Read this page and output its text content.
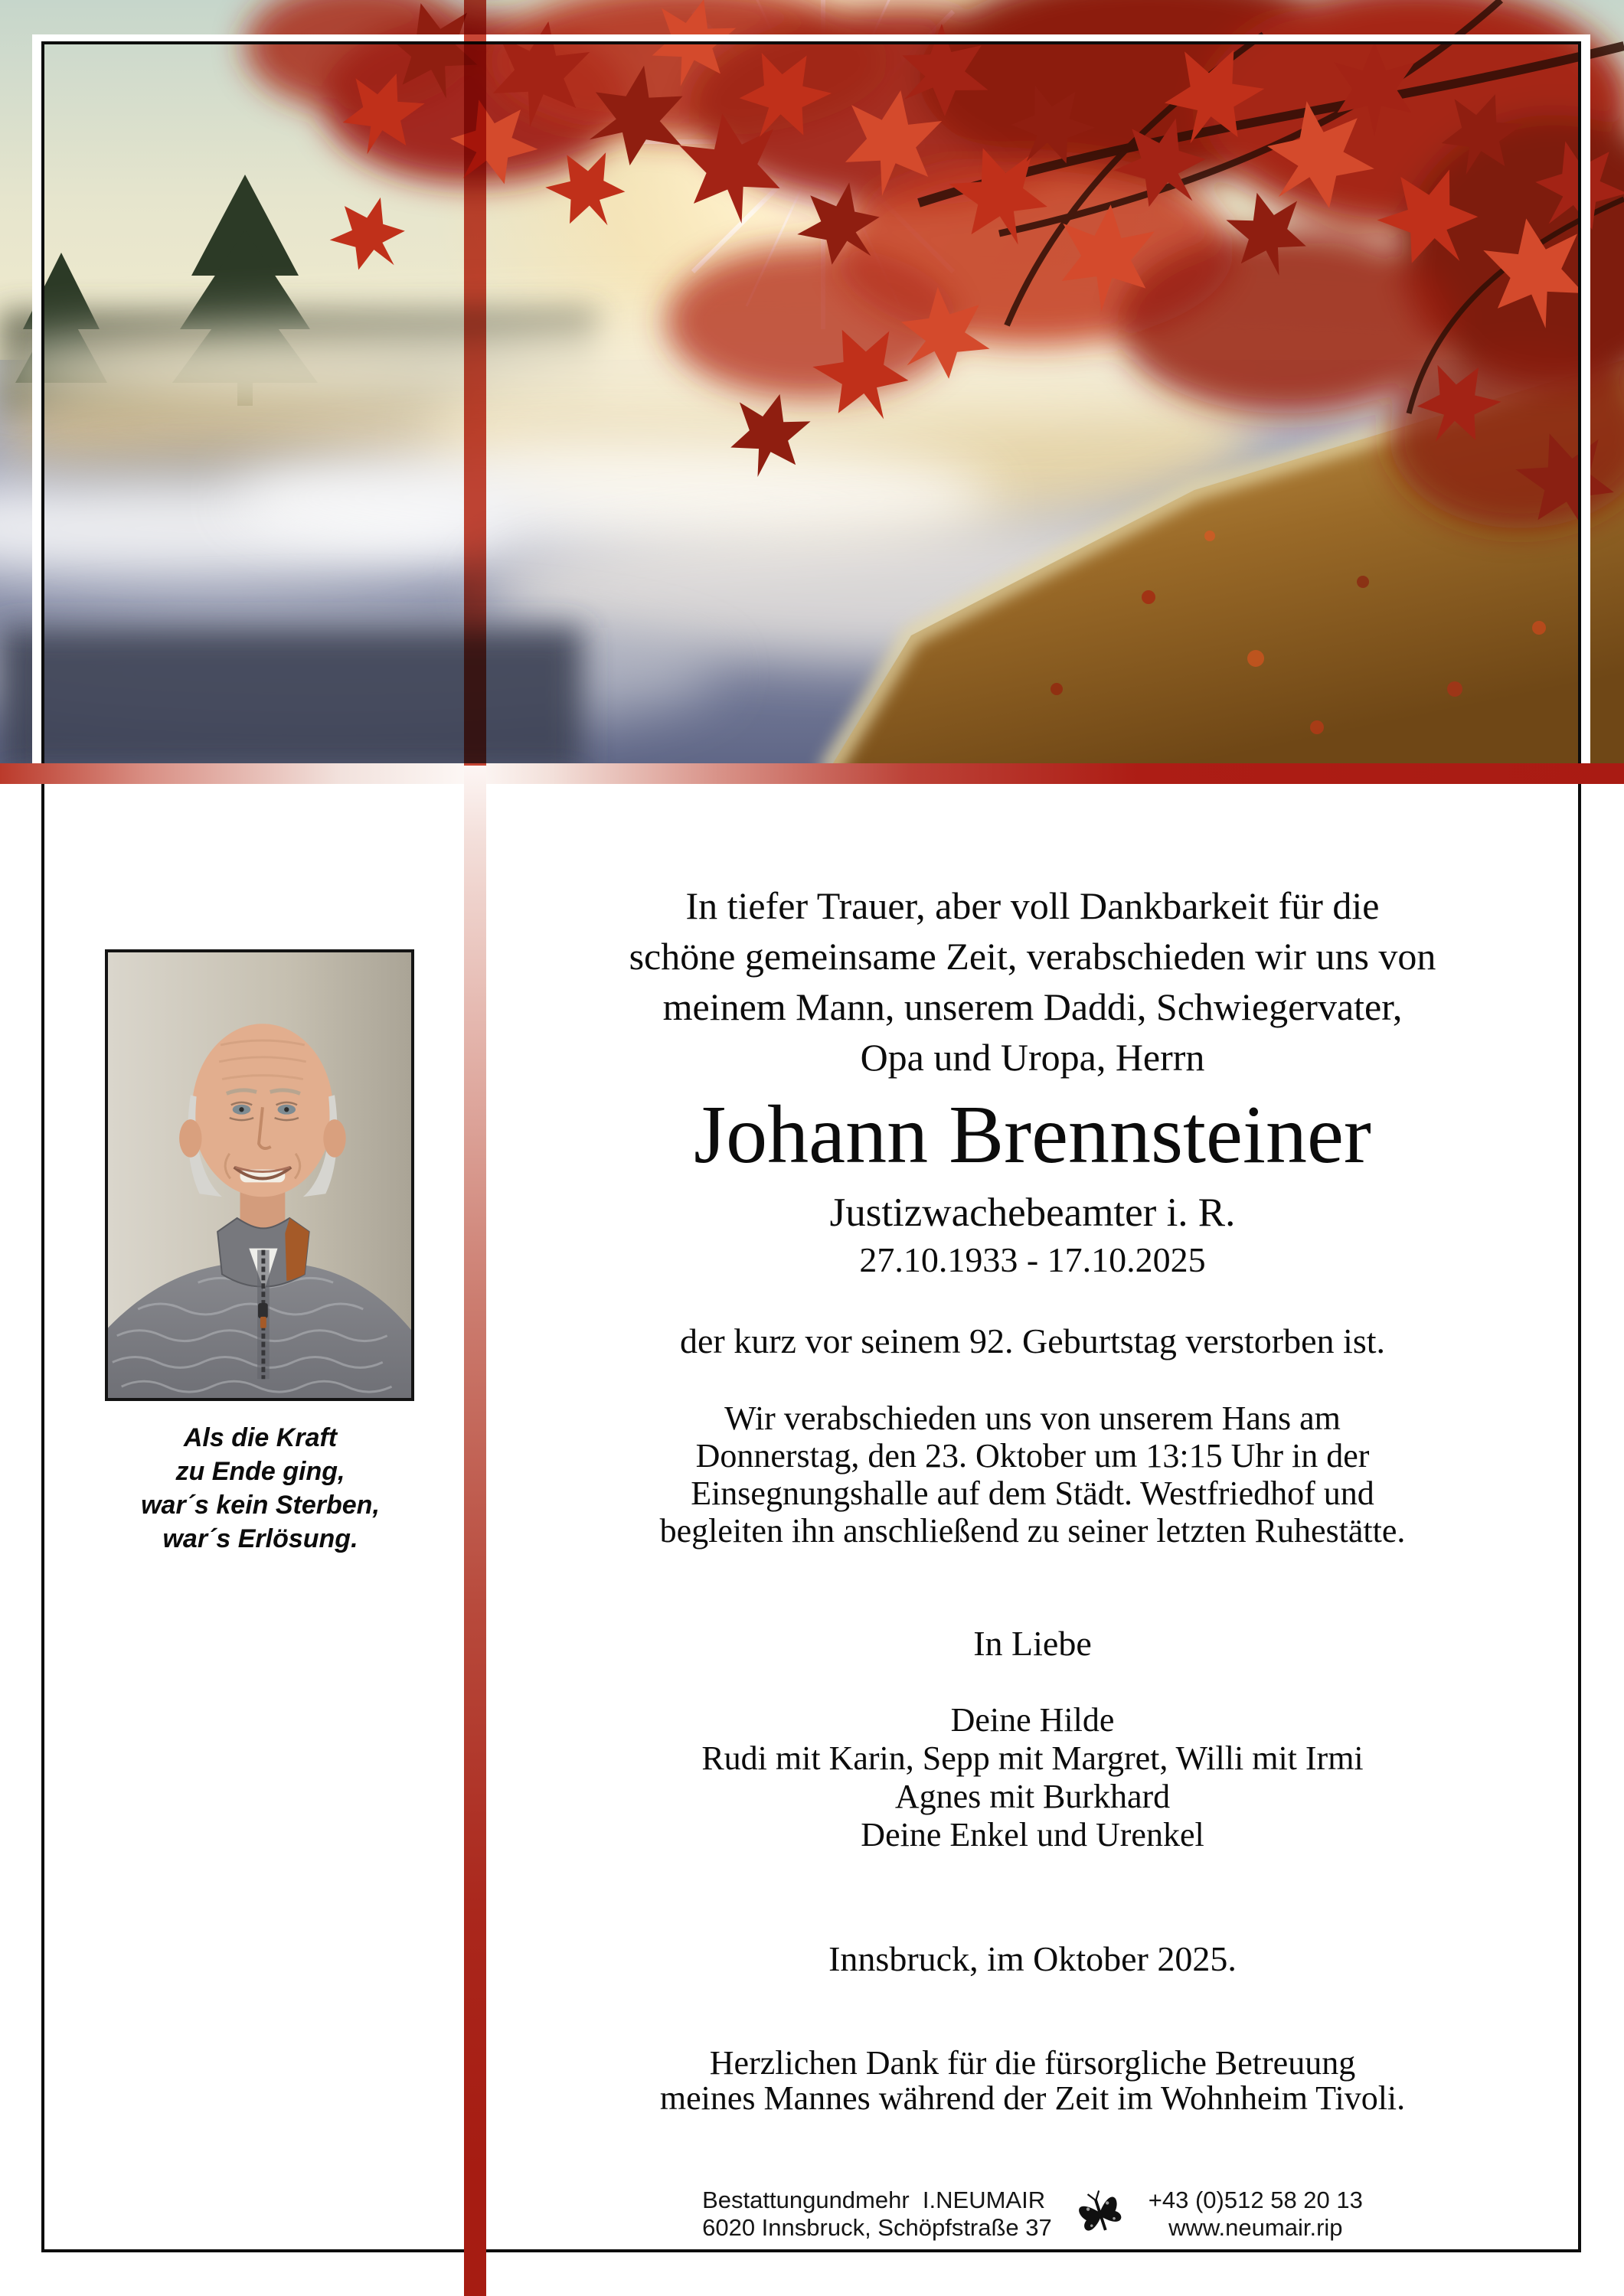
Als die Kraft
zu Ende ging,
war´s kein Sterben,
war´s Erlösung.
In tiefer Trauer, aber voll Dankbarkeit für die
schöne gemeinsame Zeit, verabschieden wir uns von
meinem Mann, unserem Daddi, Schwiegervater,
Opa und Uropa, Herrn
Johann Brennsteiner
Justizwachebeamter i. R.
27.10.1933 - 17.10.2025
der kurz vor seinem 92. Geburtstag verstorben ist.
Wir verabschieden uns von unserem Hans am
Donnerstag, den 23. Oktober um 13:15 Uhr in der
Einsegnungshalle auf dem Städt. Westfriedhof und
begleiten ihn anschließend zu seiner letzten Ruhestätte.
In Liebe
Deine Hilde
Rudi mit Karin, Sepp mit Margret, Willi mit Irmi
Agnes mit Burkhard
Deine Enkel und Urenkel
Innsbruck, im Oktober 2025.
Herzlichen Dank für die fürsorgliche Betreuung
meines Mannes während der Zeit im Wohnheim Tivoli.
Bestattungundmehr I.NEUMAIR
6020 Innsbruck, Schöpfstraße 37
+43 (0)512 58 20 13
www.neumair.rip
